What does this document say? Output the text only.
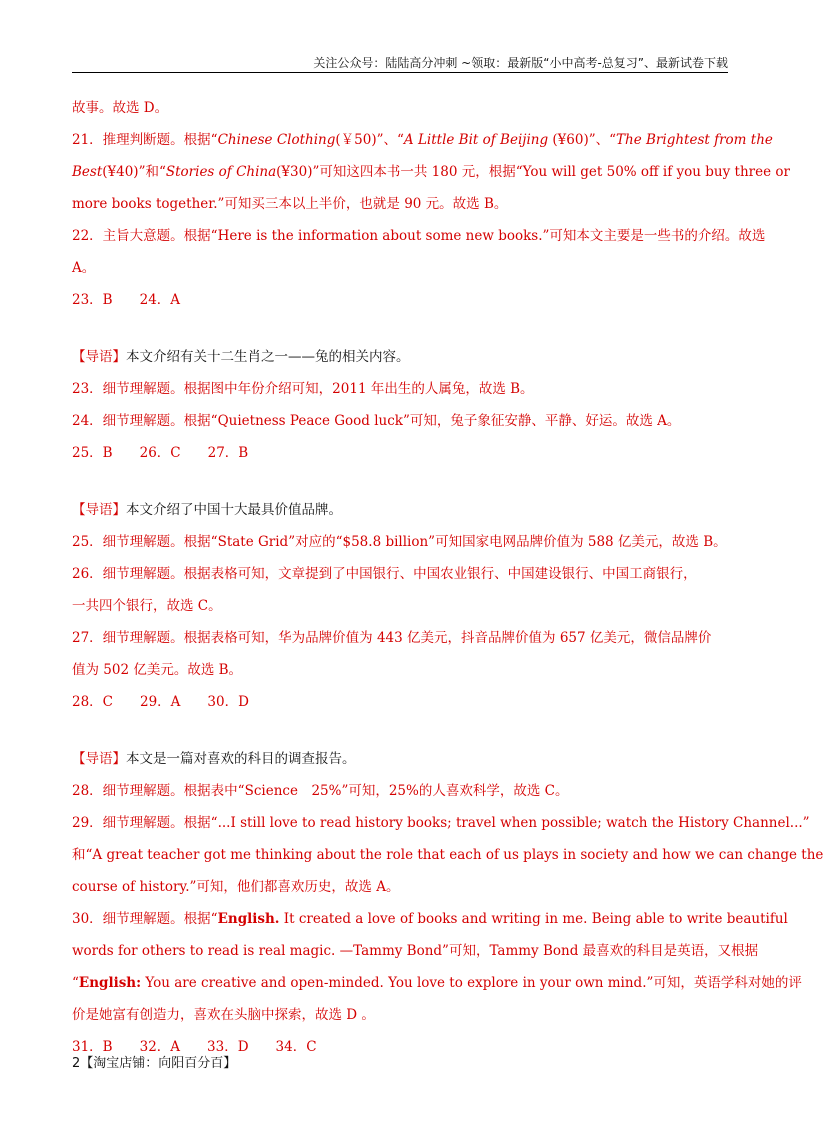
关注公众号：陆陆高分冲刺 ~领取：最新版“小中高考-总复习”、最新试卷下载
故事。故选 D。
21．推理判断题。根据“Chinese Clothing(￥50)”、“A Little Bit of Beijing (¥60)”、“The Brightest from the
Best(¥40)”和“Stories of China(¥30)”可知这四本书一共 180 元，根据“You will get 50% off if you buy three or
more books together.”可知买三本以上半价，也就是 90 元。故选 B。
22．主旨大意题。根据“Here is the information about some new books.”可知本文主要是一些书的介绍。故选
A。
23．B　　24．A
【导语】本文介绍有关十二生肖之一——兔的相关内容。
23．细节理解题。根据图中年份介绍可知，2011 年出生的人属兔，故选 B。
24．细节理解题。根据“Quietness Peace Good luck”可知，兔子象征安静、平静、好运。故选 A。
25．B　　26．C　　27．B
【导语】本文介绍了中国十大最具价值品牌。
25．细节理解题。根据“State Grid”对应的“$58.8 billion”可知国家电网品牌价值为 588 亿美元，故选 B。
26．细节理解题。根据表格可知，文章提到了中国银行、中国农业银行、中国建设银行、中国工商银行，
一共四个银行，故选 C。
27．细节理解题。根据表格可知，华为品牌价值为 443 亿美元，抖音品牌价值为 657 亿美元，微信品牌价
值为 502 亿美元。故选 B。
28．C　　29．A　　30．D
【导语】本文是一篇对喜欢的科目的调查报告。
28．细节理解题。根据表中“Science　25%”可知，25%的人喜欢科学，故选 C。
29．细节理解题。根据“...I still love to read history books; travel when possible; watch the History Channel...”
和“A great teacher got me thinking about the role that each of us plays in society and how we can change the
course of history.”可知，他们都喜欢历史，故选 A。
30．细节理解题。根据“English. It created a love of books and writing in me. Being able to write beautiful
words for others to read is real magic. —Tammy Bond”可知，Tammy Bond 最喜欢的科目是英语，又根据
“English: You are creative and open-minded. You love to explore in your own mind.”可知，英语学科对她的评
价是她富有创造力，喜欢在头脑中探索，故选 D 。
31．B　　32．A　　33．D　　34．C
2【淘宝店铺：向阳百分百】
